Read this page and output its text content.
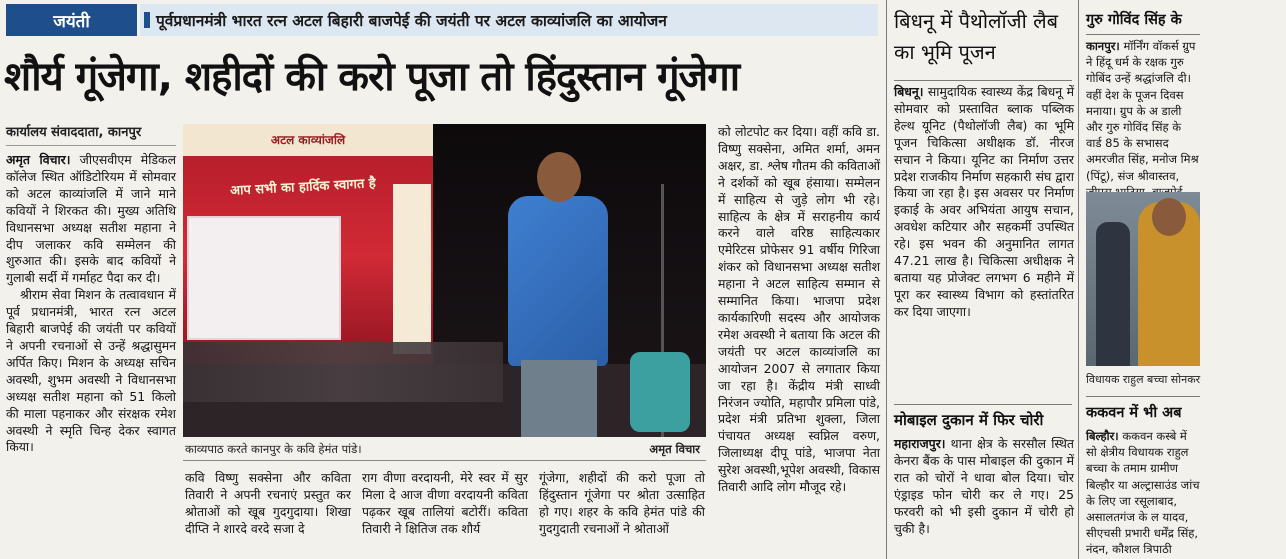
जयंती	पूर्वप्रधानमंत्री भारत रत्न अटल बिहारी बाजपेई की जयंती पर अटल काव्यांजलि का आयोजन
शौर्य गूंजेगा, शहीदों की करो पूजा तो हिंदुस्तान गूंजेगा
कार्यालय संवाददाता, कानपुर

अमृत विचार। जीएसवीएम मेडिकल कॉलेज स्थित ऑडिटोरियम में सोमवार को अटल काव्यांजलि में जाने माने कवियों ने शिरकत की। मुख्य अतिथि विधानसभा अध्यक्ष सतीश महाना ने दीप जलाकर कवि सम्मेलन की शुरुआत की। इसके बाद कवियों ने गुलाबी सर्दी में गर्माहट पैदा कर दी।

श्रीराम सेवा मिशन के तत्वावधान में पूर्व प्रधानमंत्री, भारत रत्न अटल बिहारी बाजपेई की जयंती पर कवियों ने अपनी रचनाओं से उन्हें श्रद्धासुमन अर्पित किए। मिशन के अध्यक्ष सचिन अवस्थी, शुभम अवस्थी ने विधानसभा अध्यक्ष सतीश महाना को 51 किलो की माला पहनाकर और संरक्षक रमेश अवस्थी ने स्मृति चिन्ह देकर स्वागत किया।

अटल काव्यांजलि
आप सभी का हार्दिक स्वागत है
काव्यपाठ करते कानपुर के कवि हेमंत पांडे।	अमृत विचार

कवि विष्णु सक्सेना और कविता तिवारी ने अपनी रचनाएं प्रस्तुत कर श्रोताओं को खूब गुदगुदाया। शिखा दीप्ति ने शारदे वरदे सजा दे

राग वीणा वरदायनी, मेरे स्वर में सुर मिला दे आज वीणा वरदायनी कविता पढ़कर खूब तालियां बटोरीं। कविता तिवारी ने क्षितिज तक शौर्य

गूंजेगा, शहीदों की करो पूजा तो हिंदुस्तान गूंजेगा पर श्रोता उत्साहित हो गए। शहर के कवि हेमंत पांडे की गुदगुदाती रचनाओं ने श्रोताओं

को लोटपोट कर दिया। वहीं कवि डा. विष्णु सक्सेना, अमित शर्मा, अमन अक्षर, डा. श्लेष गौतम की कविताओं ने दर्शकों को खूब हंसाया। सम्मेलन में साहित्य से जुड़े लोग भी रहे। साहित्य के क्षेत्र में सराहनीय कार्य करने वाले वरिष्ठ साहित्यकार एमेरिटस प्रोफेसर 91 वर्षीय गिरिजा शंकर को विधानसभा अध्यक्ष सतीश महाना ने अटल साहित्य सम्मान से सम्मानित किया। भाजपा प्रदेश कार्यकारिणी सदस्य और आयोजक रमेश अवस्थी ने बताया कि अटल की जयंती पर अटल काव्यांजलि का आयोजन 2007 से लगातार किया जा रहा है। केंद्रीय मंत्री साध्वी निरंजन ज्योति, महापौर प्रमिला पांडे, प्रदेश मंत्री प्रतिभा शुक्ला, जिला पंचायत अध्यक्ष स्वप्निल वरुण, जिलाध्यक्ष दीपू पांडे, भाजपा नेता सुरेश अवस्थी,भूपेश अवस्थी, विकास तिवारी आदि लोग मौजूद रहे।

बिधनू में पैथोलॉजी लैब का भूमि पूजन

बिधनू। सामुदायिक स्वास्थ्य केंद्र बिधनू में सोमवार को प्रस्तावित ब्लाक पब्लिक हेल्थ यूनिट (पैथोलॉजी लैब) का भूमि पूजन चिकित्सा अधीक्षक डॉ. नीरज सचान ने किया। यूनिट का निर्माण उत्तर प्रदेश राजकीय निर्माण सहकारी संघ द्वारा किया जा रहा है। इस अवसर पर निर्माण इकाई के अवर अभियंता आयुष सचान, अवधेश कटियार और सहकर्मी उपस्थित रहे। इस भवन की अनुमानित लागत 47.21 लाख है। चिकित्सा अधीक्षक ने बताया यह प्रोजेक्ट लगभग 6 महीने में पूरा कर स्वास्थ्य विभाग को हस्तांतरित कर दिया जाएगा।

मोबाइल दुकान में फिर चोरी

महाराजपुर। थाना क्षेत्र के सरसौल स्थित केनरा बैंक के पास मोबाइल की दुकान में रात को चोरों ने धावा बोल दिया। चोर एंड्राइड फोन चोरी कर ले गए। 25 फरवरी को भी इसी दुकान में चोरी हो चुकी है।

गुरु गोविंद सिंह के

कानपुर। मॉर्निंग वॉकर्स ग्रुप ने हिंदू धर्म के रक्षक गुरु गोबिंद उन्हें श्रद्धांजलि दी। वहीं देश के पूजन दिवस मनाया। ग्रुप के अ डाली और गुरु गोविंद सिंह के वार्ड 85 के सभासद अमरजीत सिंह, मनोज मिश्र (पिंटू), संज श्रीवास्तव,

विधायक राहुल बच्चा सोनकर
ककवन में भी अब

बिल्हौर। ककवन कस्बे में सो क्षेत्रीय विधायक राहुल बच्चा के तमाम ग्रामीण बिल्हौर या अल्ट्रासाउंड जांच के लिए जा रसूलाबाद, असालतगंज के ल यादव, सीएचसी प्रभारी धर्मेंद्र सिंह, नंदन, कौशल त्रिपाठी
